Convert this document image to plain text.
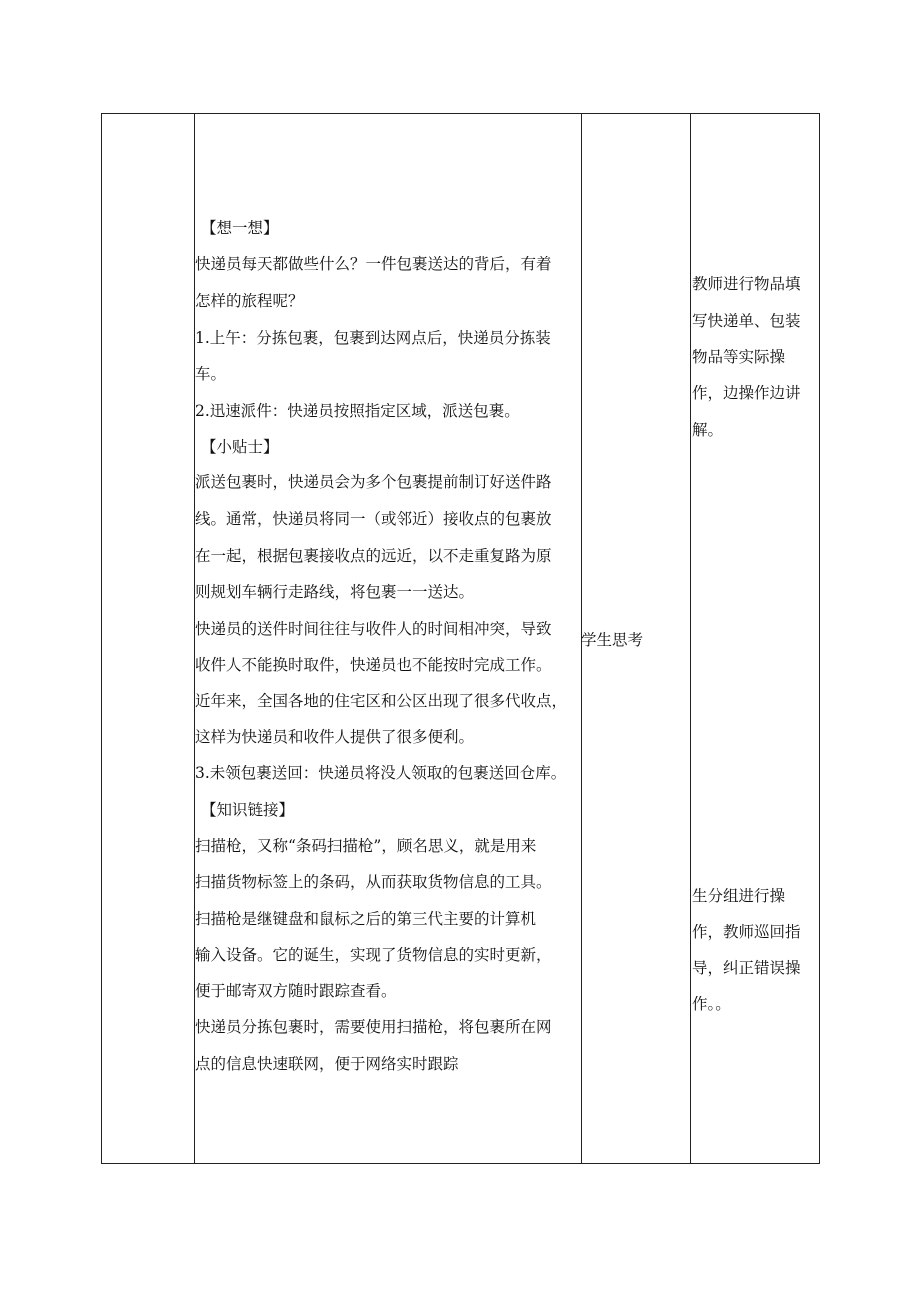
【想一想】
快递员每天都做些什么？一件包裹送达的背后，有着
怎样的旅程呢？
1.上午：分拣包裹，包裹到达网点后，快递员分拣装
车。
2.迅速派件：快递员按照指定区域，派送包裹。
【小贴士】
派送包裹时，快递员会为多个包裹提前制订好送件路
线。通常，快递员将同一（或邻近）接收点的包裹放
在一起，根据包裹接收点的远近，以不走重复路为原
则规划车辆行走路线，将包裹一一送达。
快递员的送件时间往往与收件人的时间相冲突，导致
收件人不能换时取件，快递员也不能按时完成工作。
近年来，全国各地的住宅区和公区出现了很多代收点，
这样为快递员和收件人提供了很多便利。
3.未领包裹送回：快递员将没人领取的包裹送回仓库。
【知识链接】
扫描枪，又称“条码扫描枪”，顾名思义，就是用来
扫描货物标签上的条码，从而获取货物信息的工具。
扫描枪是继键盘和鼠标之后的第三代主要的计算机
输入设备。它的诞生，实现了货物信息的实时更新，
便于邮寄双方随时跟踪查看。
快递员分拣包裹时，需要使用扫描枪，将包裹所在网
点的信息快速联网，便于网络实时跟踪
学生思考
教师进行物品填
写快递单、包装
物品等实际操
作，边操作边讲
解。
生分组进行操
作，教师巡回指
导，纠正错误操
作。。
